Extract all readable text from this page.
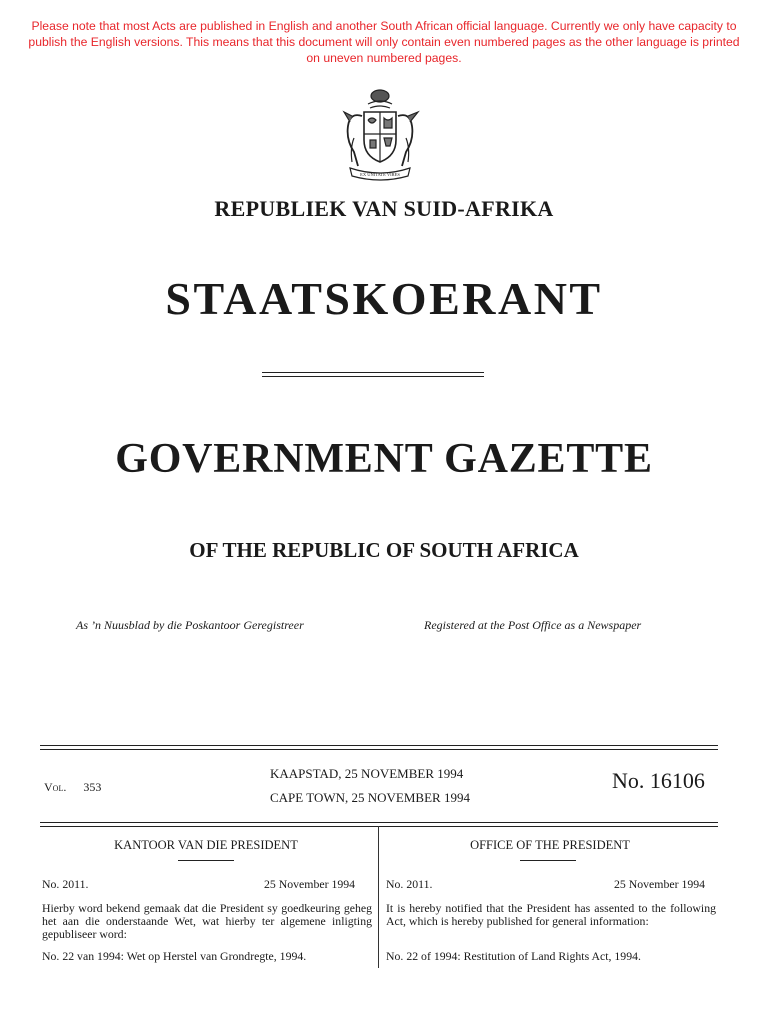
Please note that most Acts are published in English and another South African official language. Currently we only have capacity to publish the English versions. This means that this document will only contain even numbered pages as the other language is printed on uneven numbered pages.
EX UNITATE VIRES
REPUBLIEK VAN SUID-AFRIKA
STAATSKOERANT
GOVERNMENT GAZETTE
OF THE REPUBLIC OF SOUTH AFRICA
As ’n Nuusblad by die Poskantoor Geregistreer	Registered at the Post Office as a Newspaper
Vol. 353
KAAPSTAD, 25 NOVEMBER 1994
CAPE TOWN, 25 NOVEMBER 1994
No. 16106
KANTOOR VAN DIE PRESIDENT
No. 2011.	25 November 1994
Hierby word bekend gemaak dat die President sy goedkeuring geheg het aan die onderstaande Wet, wat hierby ter algemene inligting gepubliseer word:
No. 22 van 1994: Wet op Herstel van Grondregte, 1994.
OFFICE OF THE PRESIDENT
No. 2011.	25 November 1994
It is hereby notified that the President has assented to the following Act, which is hereby published for general information:
No. 22 of 1994: Restitution of Land Rights Act, 1994.
